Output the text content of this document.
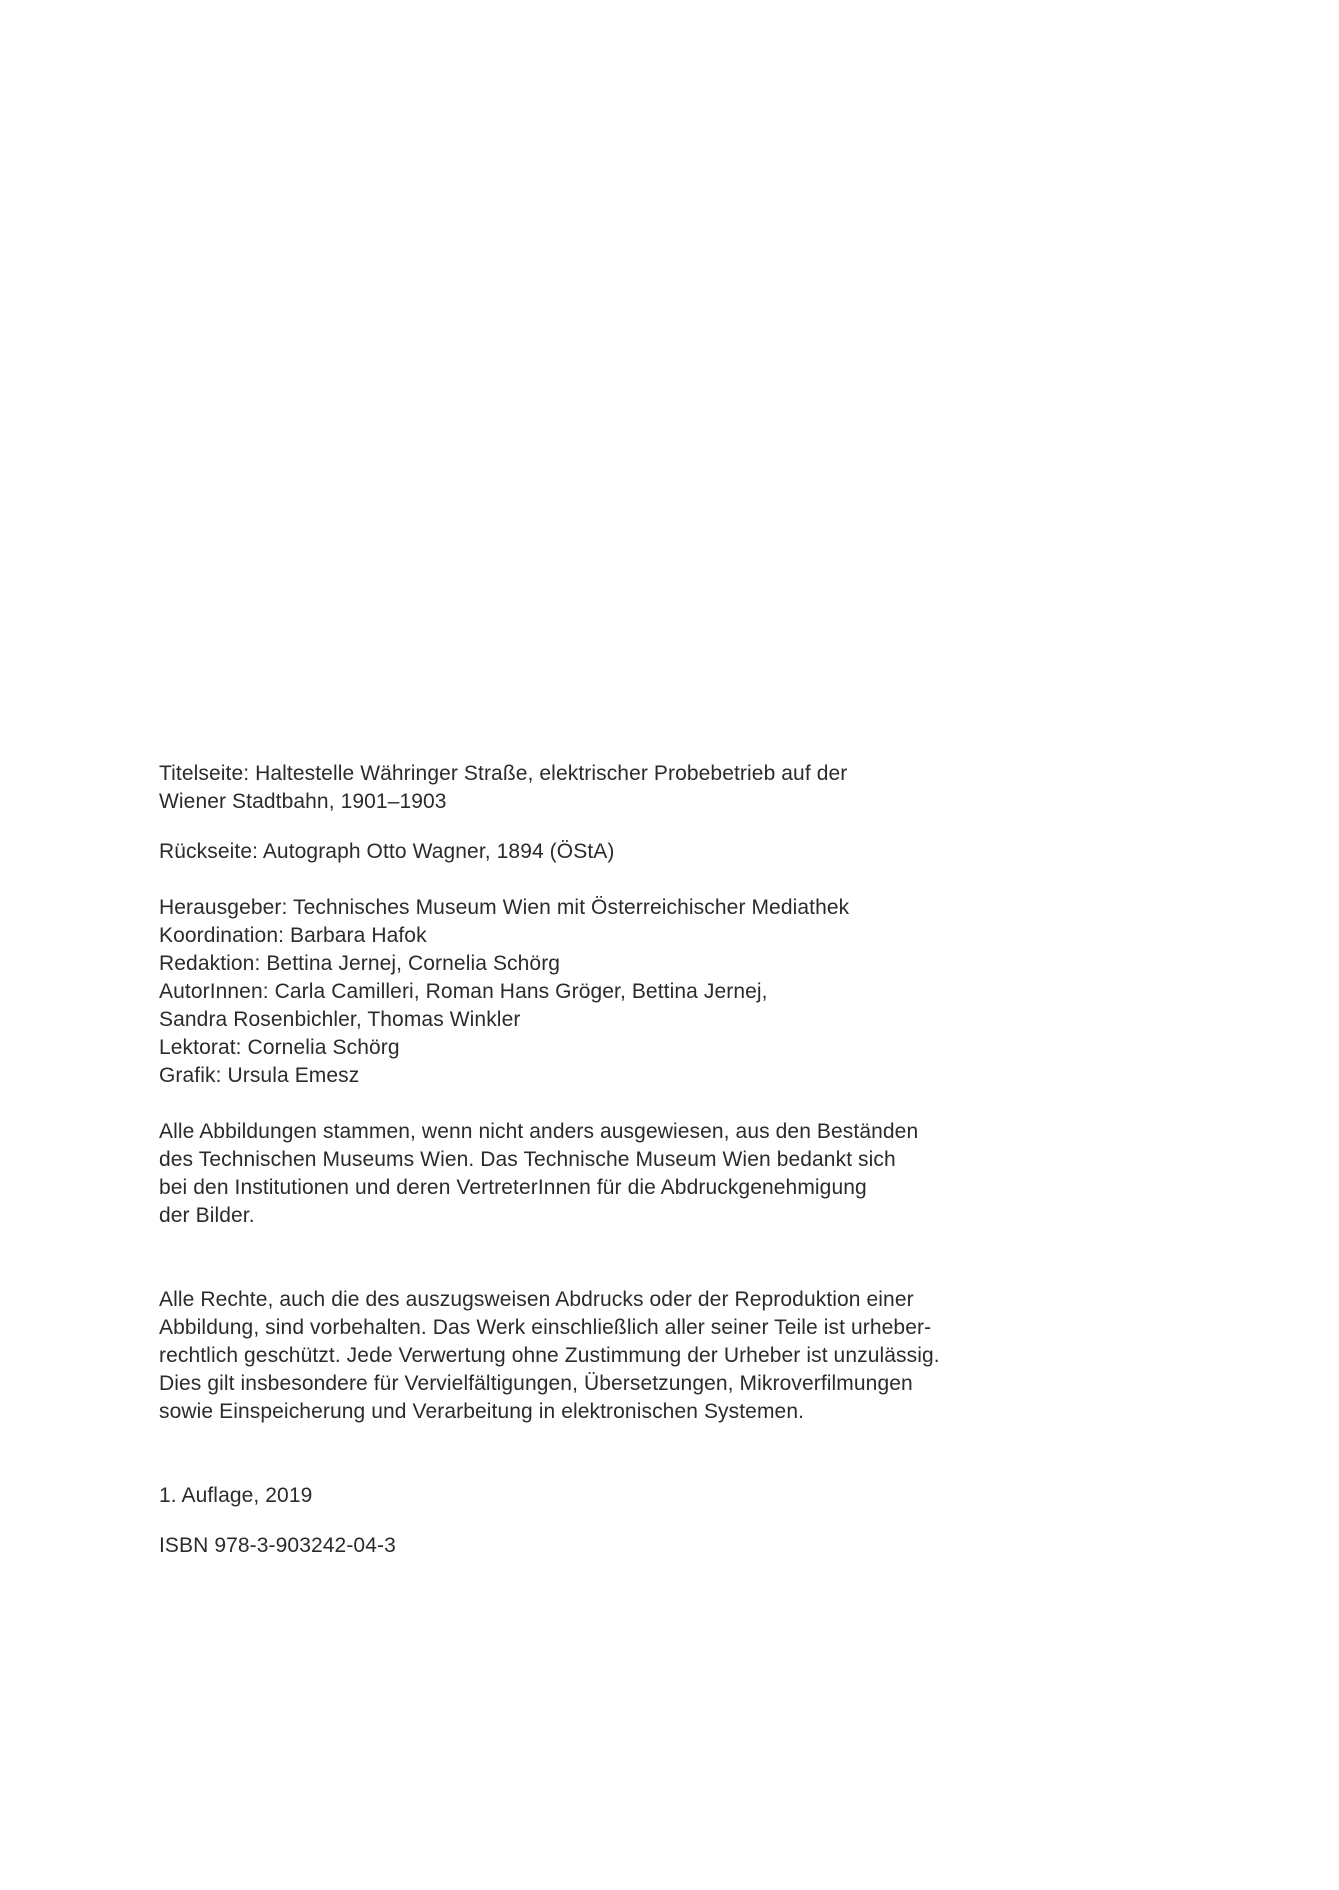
Titelseite: Haltestelle Währinger Straße, elektrischer Probebetrieb auf der
Wiener Stadtbahn, 1901–1903
Rückseite: Autograph Otto Wagner, 1894 (ÖStA)
Herausgeber: Technisches Museum Wien mit Österreichischer Mediathek
Koordination: Barbara Hafok
Redaktion: Bettina Jernej, Cornelia Schörg
AutorInnen: Carla Camilleri, Roman Hans Gröger, Bettina Jernej,
Sandra Rosenbichler, Thomas Winkler
Lektorat: Cornelia Schörg
Grafik: Ursula Emesz
Alle Abbildungen stammen, wenn nicht anders ausgewiesen, aus den Beständen
des Technischen Museums Wien. Das Technische Museum Wien bedankt sich
bei den Institutionen und deren VertreterInnen für die Abdruckgenehmigung
der Bilder.
Alle Rechte, auch die des auszugsweisen Abdrucks oder der Reproduktion einer
Abbildung, sind vorbehalten. Das Werk einschließlich aller seiner Teile ist urheber-
rechtlich geschützt. Jede Verwertung ohne Zustimmung der Urheber ist unzulässig.
Dies gilt insbesondere für Vervielfältigungen, Übersetzungen, Mikroverfilmungen
sowie Einspeicherung und Verarbeitung in elektronischen Systemen.
1. Auflage, 2019
ISBN 978-3-903242-04-3
